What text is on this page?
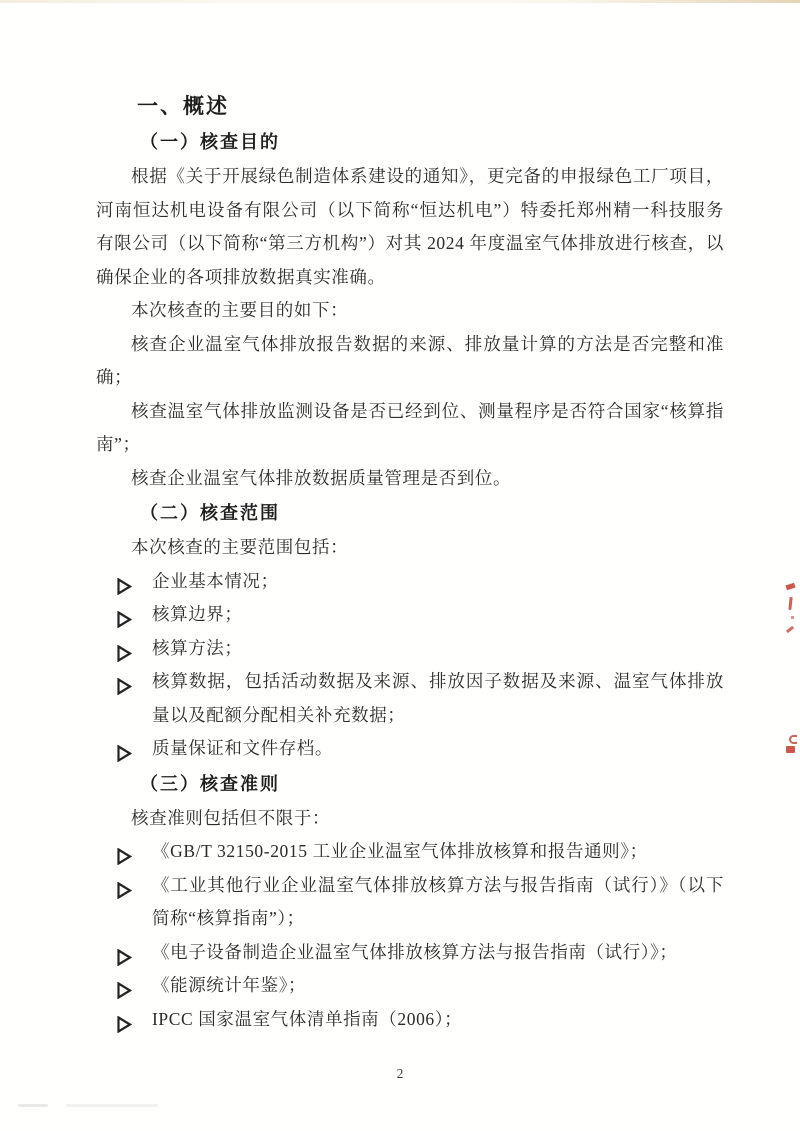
一、概述
（一）核查目的

根据《关于开展绿色制造体系建设的通知》，更完备的申报绿色工厂项目，河南恒达机电设备有限公司（以下简称“恒达机电”）特委托郑州精一科技服务有限公司（以下简称“第三方机构”）对其 2024 年度温室气体排放进行核查，以确保企业的各项排放数据真实准确。

本次核查的主要目的如下：

核查企业温室气体排放报告数据的来源、排放量计算的方法是否完整和准确；

核查温室气体排放监测设备是否已经到位、测量程序是否符合国家“核算指南”；

核查企业温室气体排放数据质量管理是否到位。

（二）核查范围

本次核查的主要范围包括：

企业基本情况；
核算边界；
核算方法；
核算数据，包括活动数据及来源、排放因子数据及来源、温室气体排放量以及配额分配相关补充数据；
质量保证和文件存档。
（三）核查准则

核查准则包括但不限于：

《GB/T 32150-2015 工业企业温室气体排放核算和报告通则》；
《工业其他行业企业温室气体排放核算方法与报告指南（试行）》（以下简称“核算指南”）；
《电子设备制造企业温室气体排放核算方法与报告指南（试行）》；
《能源统计年鉴》；
IPCC 国家温室气体清单指南（2006）；
2
